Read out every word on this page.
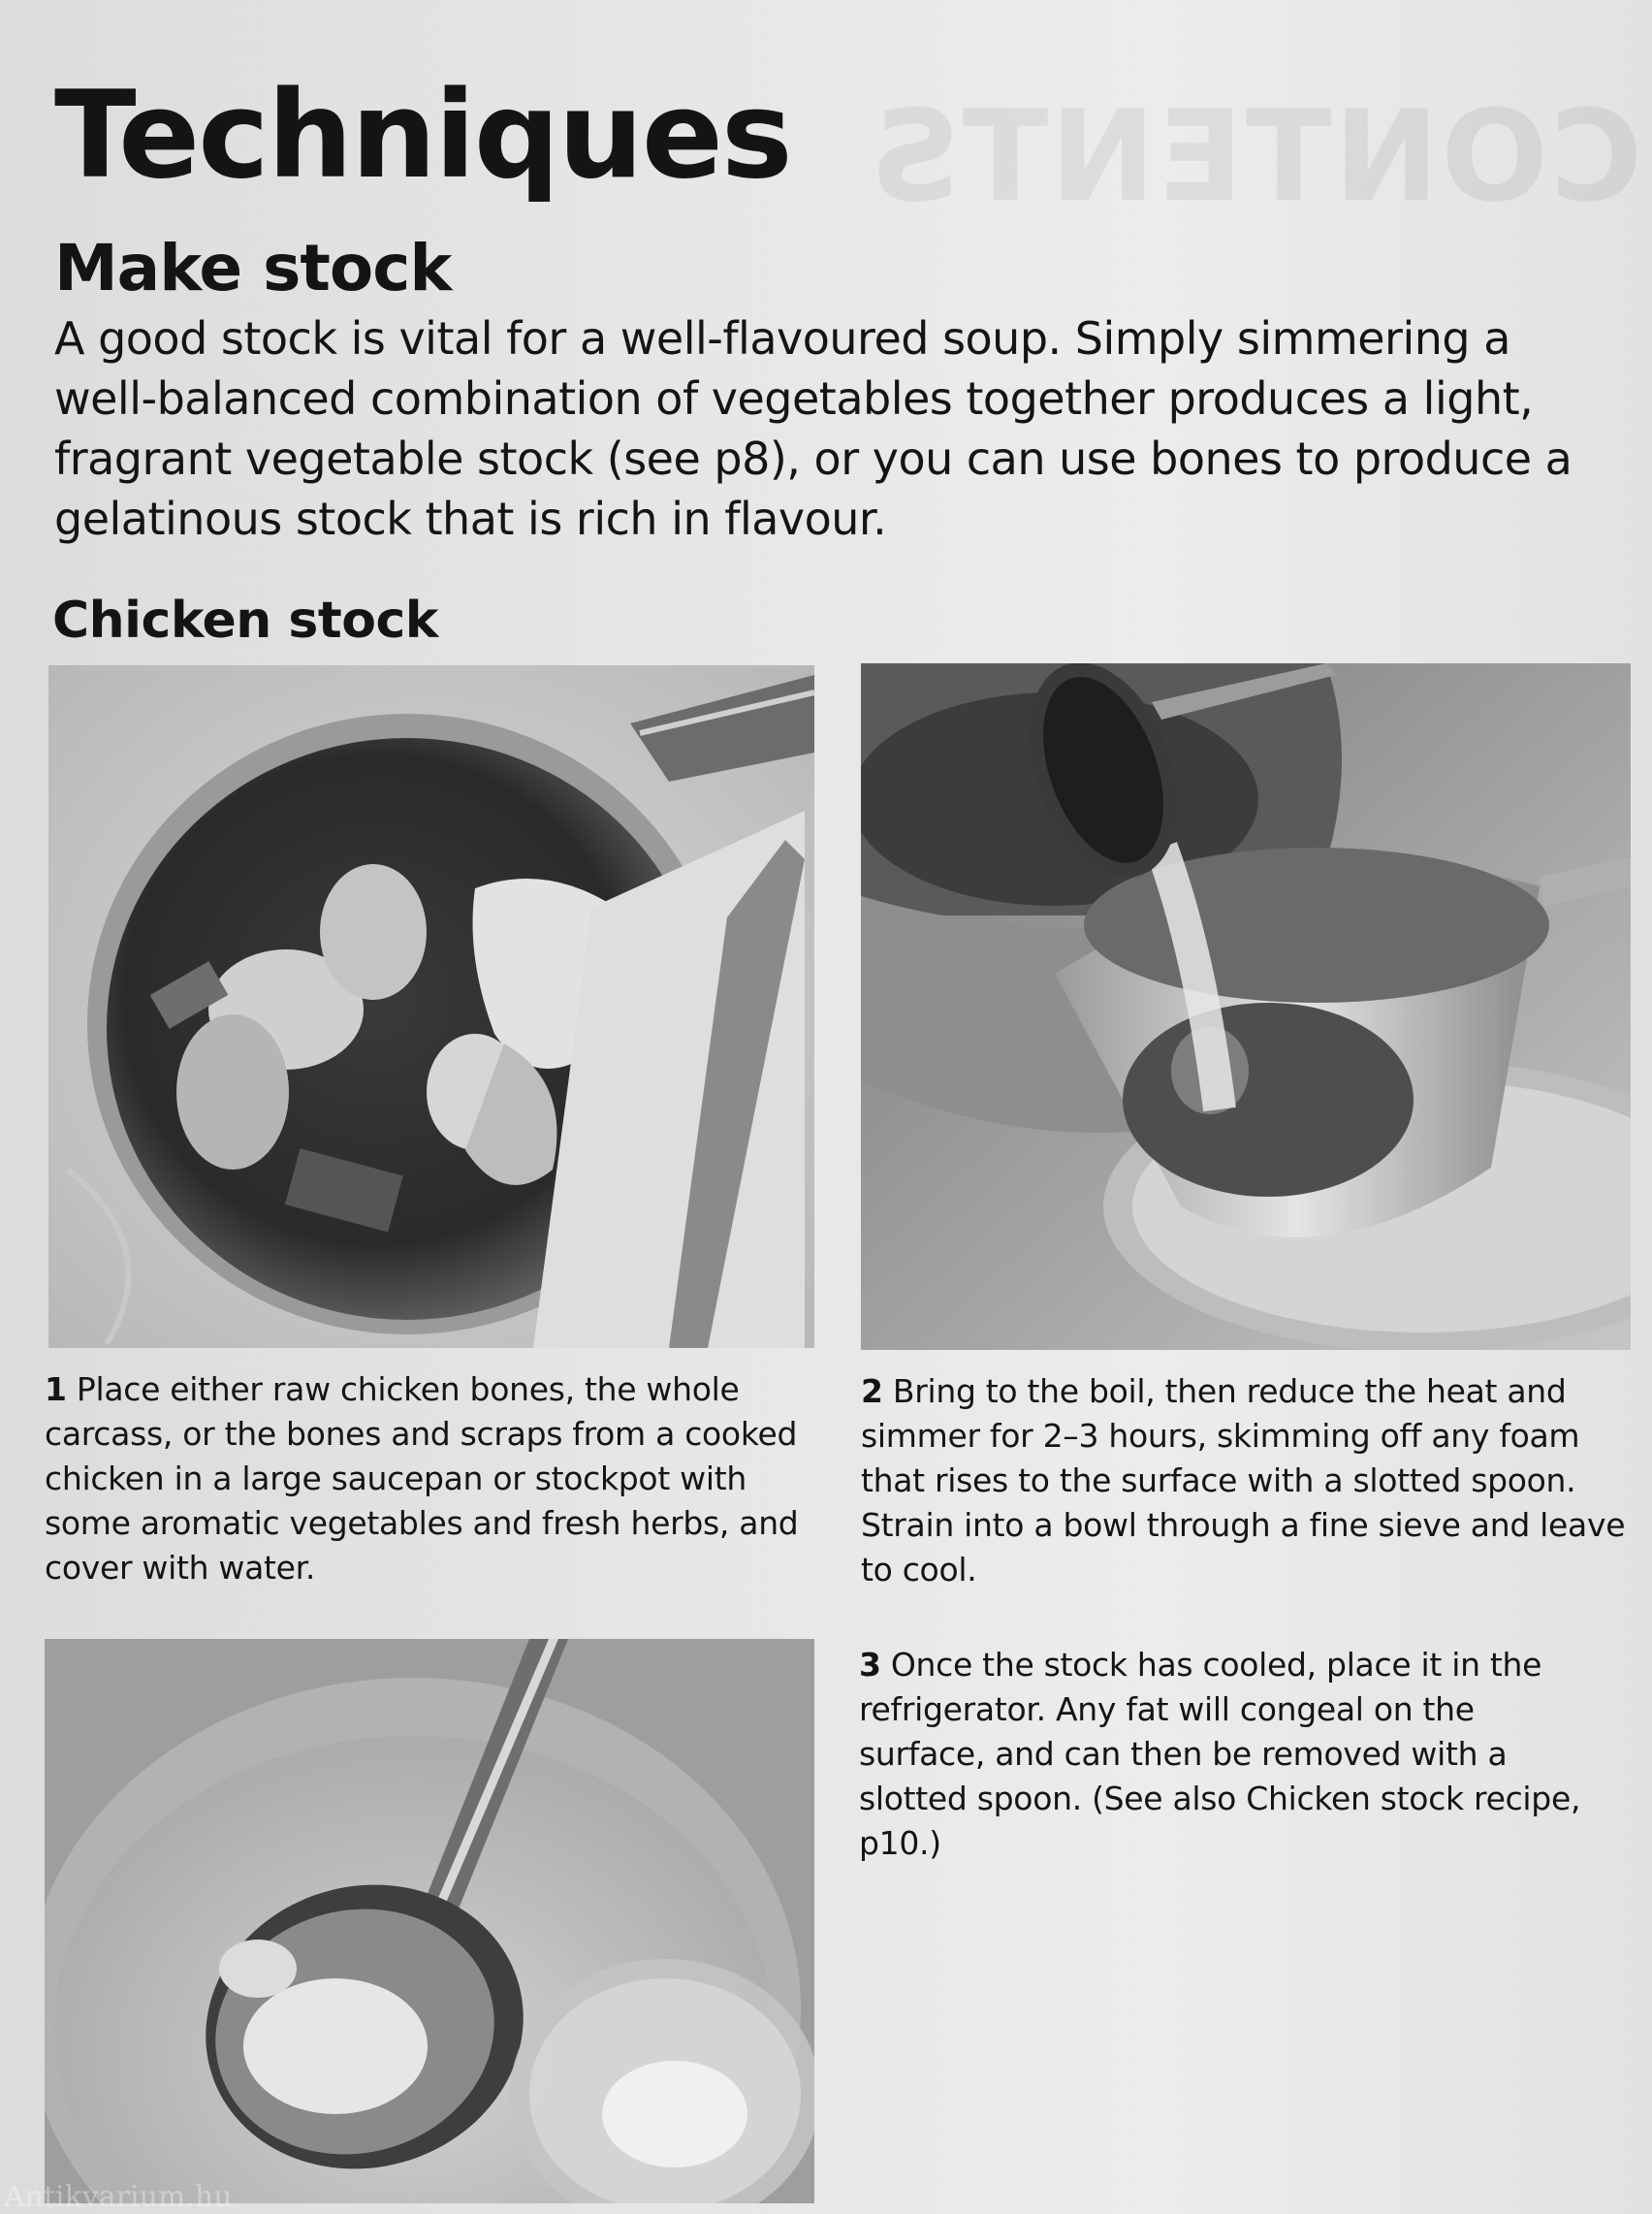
CONTENTS
Techniques
Make stock

A good stock is vital for a well-flavoured soup. Simply simmering a well-balanced combination of vegetables together produces a light, fragrant vegetable stock (see p8), or you can use bones to produce a gelatinous stock that is rich in flavour.

Chicken stock

1 Place either raw chicken bones, the whole carcass, or the bones and scraps from a cooked chicken in a large saucepan or stockpot with some aromatic vegetables and fresh herbs, and cover with water.

2 Bring to the boil, then reduce the heat and simmer for 2–3 hours, skimming off any foam that rises to the surface with a slotted spoon. Strain into a bowl through a fine sieve and leave to cool.

3 Once the stock has cooled, place it in the refrigerator. Any fat will congeal on the surface, and can then be removed with a slotted spoon. (See also Chicken stock recipe, p10.)

Antikvarium.hu
